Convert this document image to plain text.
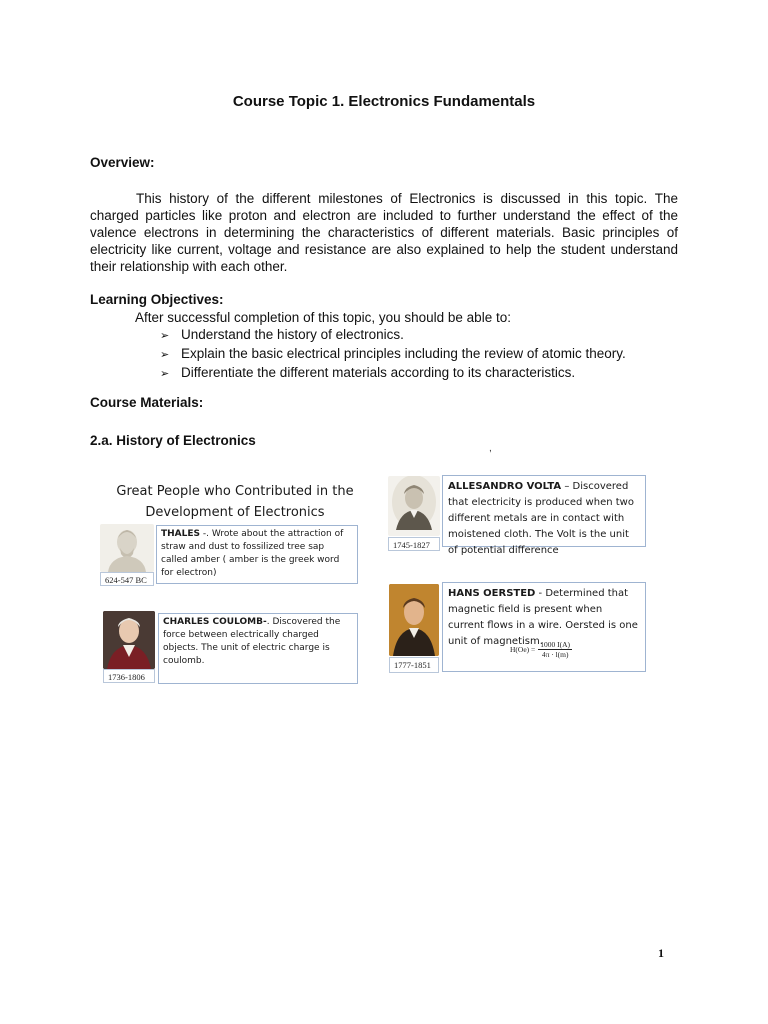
Course Topic 1. Electronics Fundamentals
Overview:

This history of the different milestones of Electronics is discussed in this topic. The charged particles like proton and electron are included to further understand the effect of the valence electrons in determining the characteristics of different materials. Basic principles of electricity like current, voltage and resistance are also explained to help the student understand their relationship with each other.

Learning Objectives:

After successful completion of this topic, you should be able to:

➢ Understand the history of electronics.
➢ Explain the basic electrical principles including the review of atomic theory.
➢ Differentiate the different materials according to its characteristics.
Course Materials:
2.a. History of Electronics
,
Great People who Contributed in the
Development of Electronics
624-547 BC
THALES -. Wrote about the attraction of straw and dust to fossilized tree sap called amber ( amber is the greek word for electron)
1736-1806
CHARLES COULOMB-. Discovered the force between electrically charged objects. The unit of electric charge is coulomb.
1745-1827
ALLESANDRO VOLTA – Discovered that electricity is produced when two different metals are in contact with moistened cloth. The Volt is the unit of potential difference
1777-1851
HANS OERSTED - Determined that magnetic field is present when current flows in a wire. Oersted is one unit of magnetism.
$H(Oe) = \frac{1000 I(A)}{4\pi \cdot l(m)}$
1
